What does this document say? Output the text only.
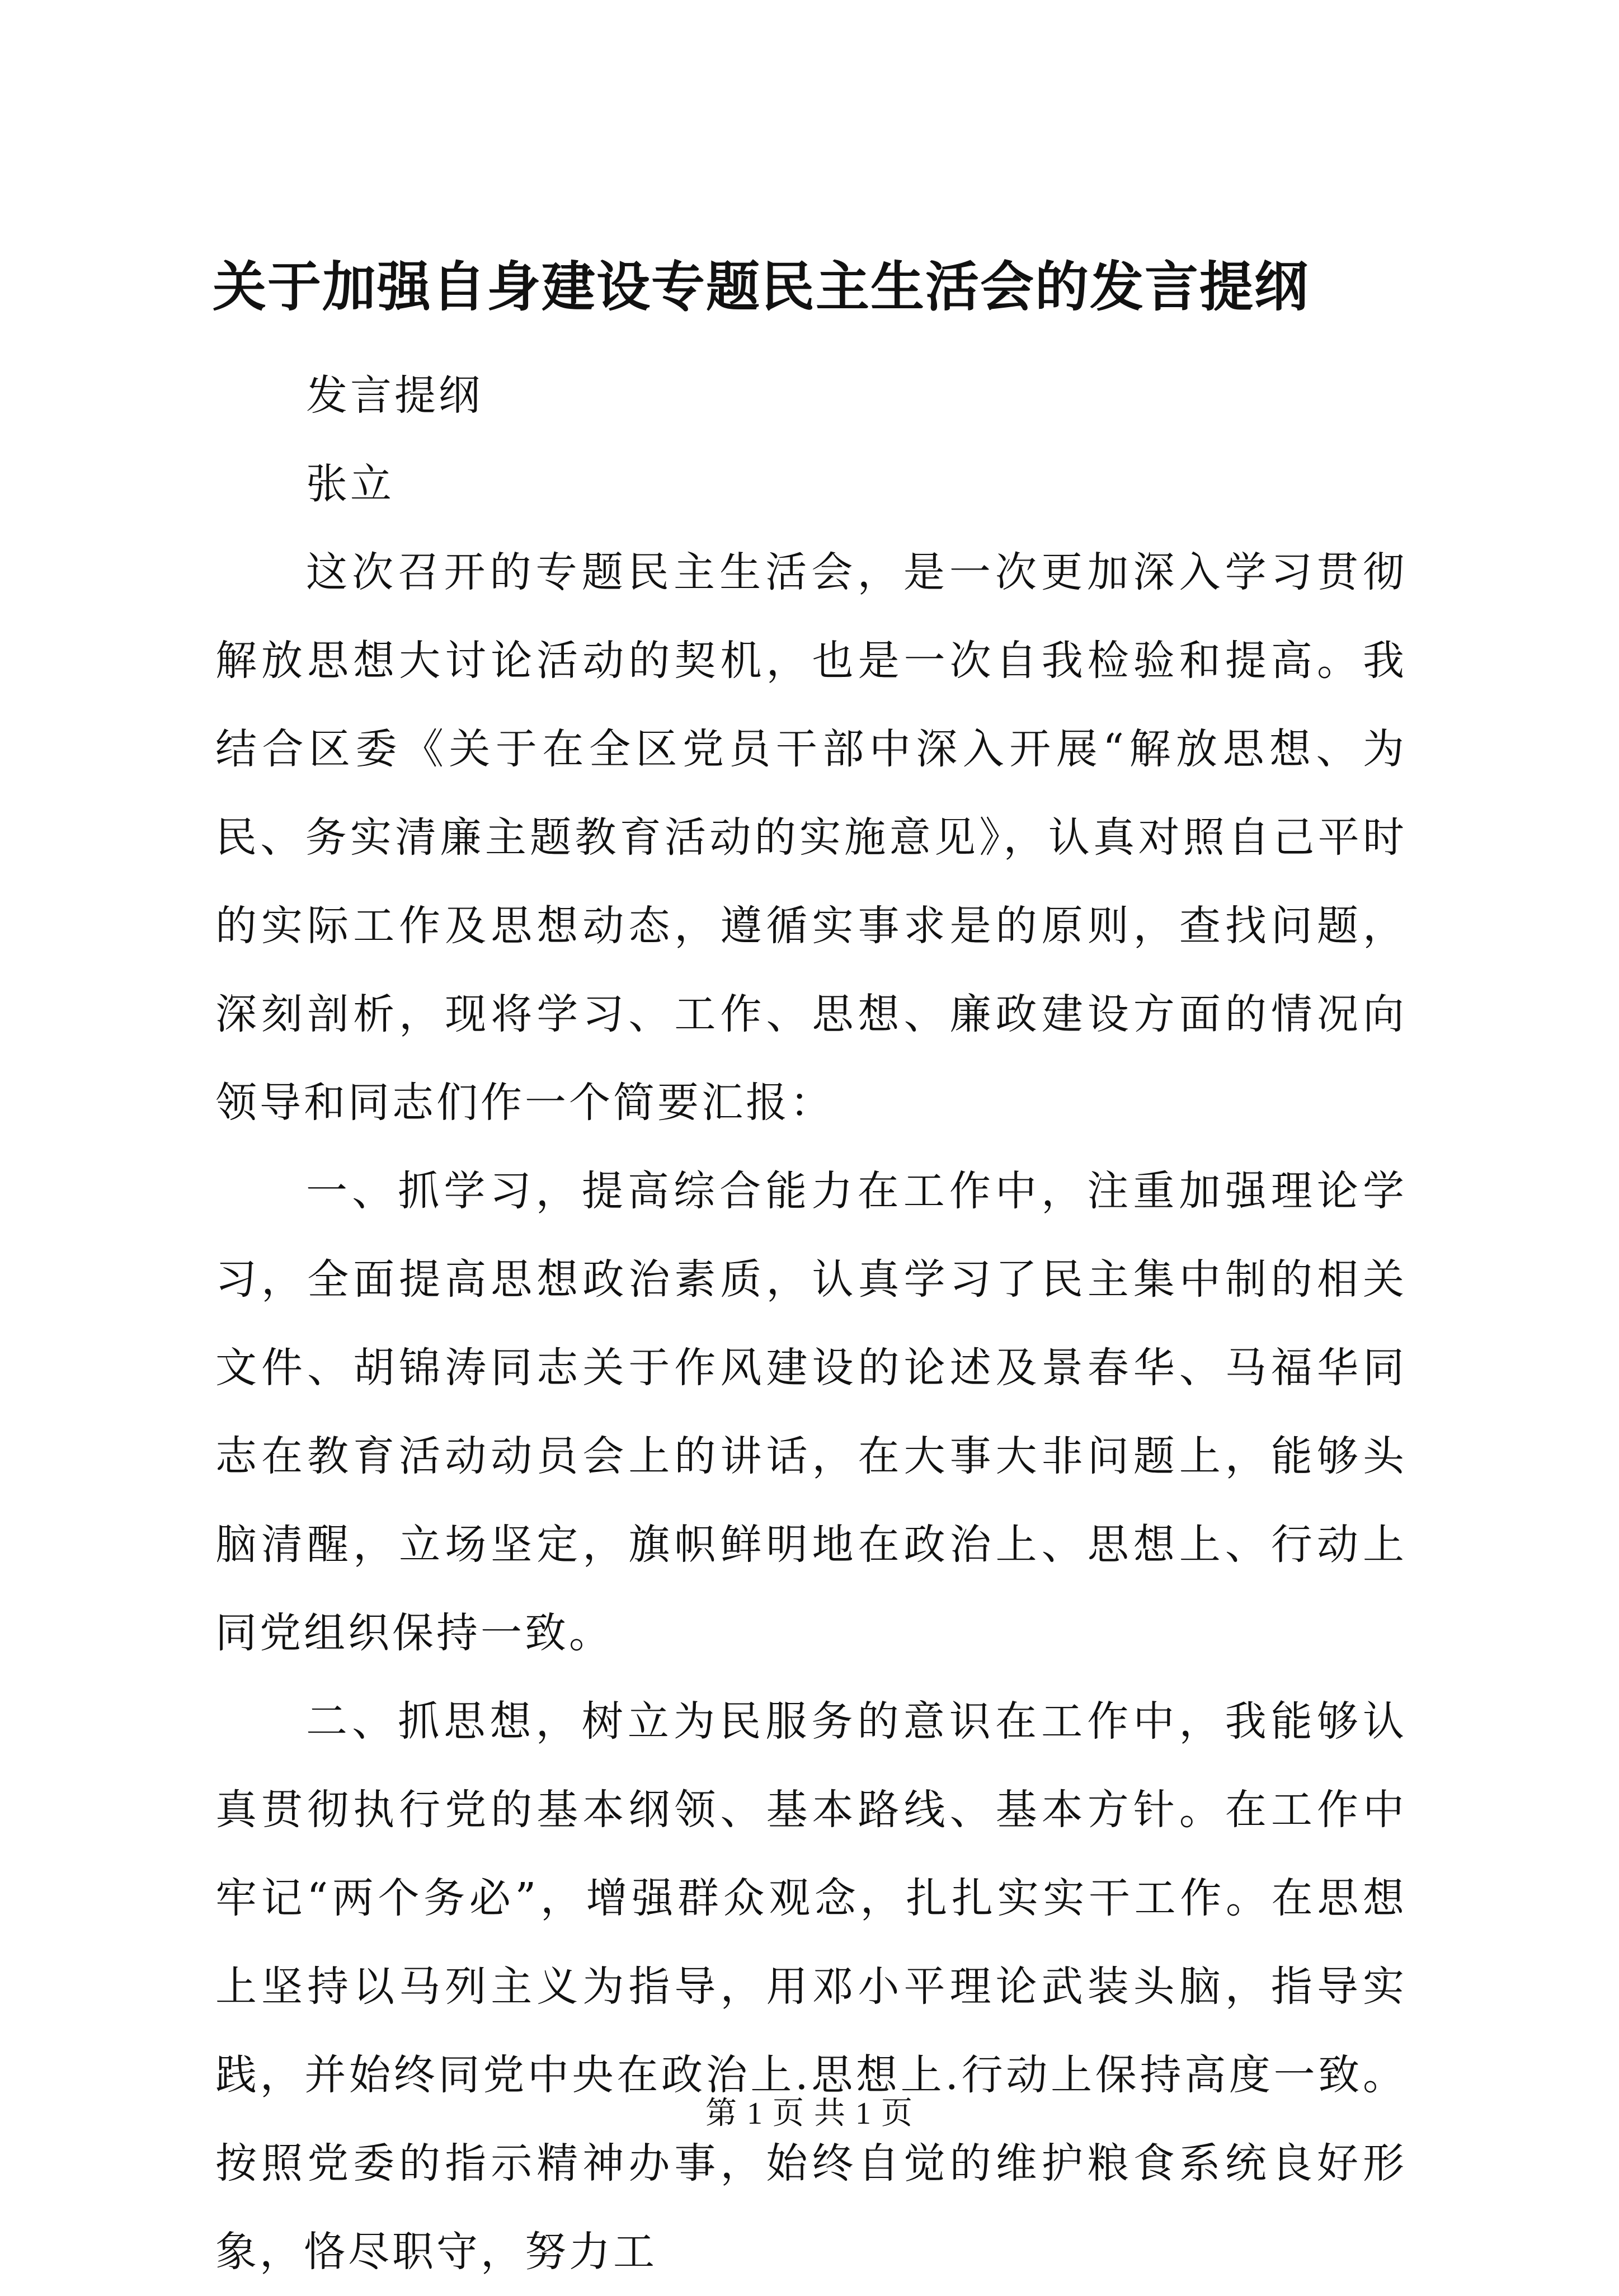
关于加强自身建设专题民主生活会的发言提纲

发言提纲

张立

这次召开的专题民主生活会，是一次更加深入学习贯彻解放思想大讨论活动的契机，也是一次自我检验和提高。我结合区委《关于在全区党员干部中深入开展“解放思想、为民、务实清廉主题教育活动的实施意见》，认真对照自己平时的实际工作及思想动态，遵循实事求是的原则，查找问题，深刻剖析，现将学习、工作、思想、廉政建设方面的情况向领导和同志们作一个简要汇报：

一、抓学习，提高综合能力在工作中，注重加强理论学习，全面提高思想政治素质，认真学习了民主集中制的相关文件、胡锦涛同志关于作风建设的论述及景春华、马福华同志在教育活动动员会上的讲话，在大事大非问题上，能够头脑清醒，立场坚定，旗帜鲜明地在政治上、思想上、行动上同党组织保持一致。

二、抓思想，树立为民服务的意识在工作中，我能够认真贯彻执行党的基本纲领、基本路线、基本方针。在工作中牢记“两个务必”，增强群众观念，扎扎实实干工作。在思想上坚持以马列主义为指导，用邓小平理论武装头脑，指导实践，并始终同党中央在政治上.思想上.行动上保持高度一致。按照党委的指示精神办事，始终自觉的维护粮食系统良好形象，恪尽职守，努力工

第 1 页 共 1 页
